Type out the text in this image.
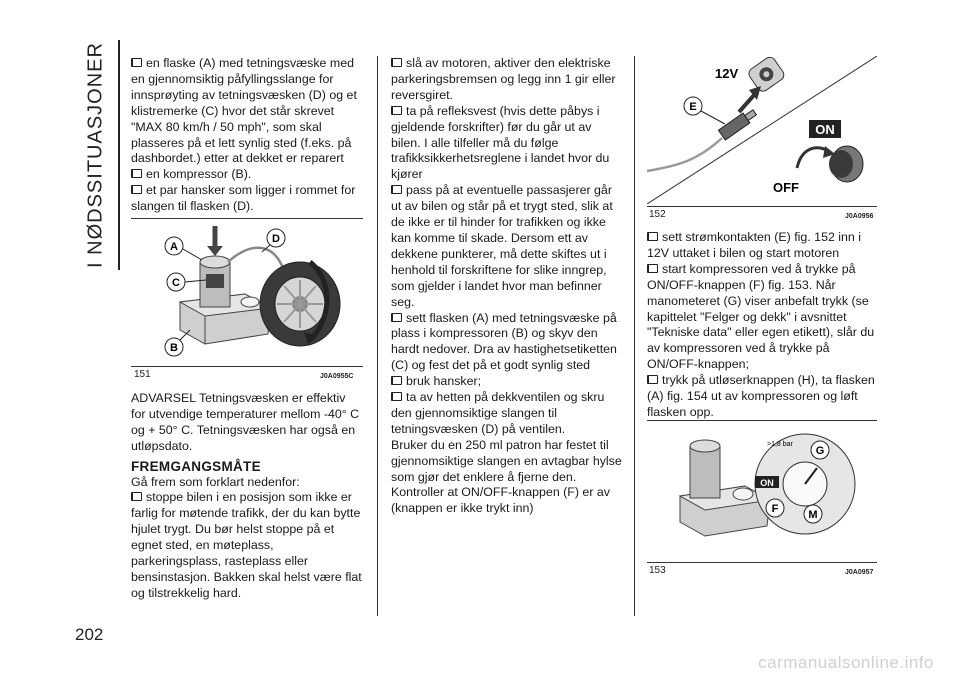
I NØDSSITUASJONER
202

en flaske (A) med tetningsvæske med en gjennomsiktig påfyllingsslange for innsprøyting av tetningsvæsken (D) og et klistremerke (C) hvor det står skrevet "MAX 80 km/h / 50 mph", som skal plasseres på et lett synlig sted (f.eks. på dashbordet.) etter at dekket er reparert

en kompressor (B).

et par hansker som ligger i rommet for slangen til flasken (D).

A
C
B
D
151	J0A0955C

ADVARSEL Tetningsvæsken er effektiv for utvendige temperaturer mellom -40° C og + 50° C. Tetningsvæsken har også en utløpsdato.

FREMGANGSMÅTE

Gå frem som forklart nedenfor:

stoppe bilen i en posisjon som ikke er farlig for møtende trafikk, der du kan bytte hjulet trygt. Du bør helst stoppe på et egnet sted, en møteplass, parkeringsplass, rasteplass eller bensinstasjon. Bakken skal helst være flat og tilstrekkelig hard.

slå av motoren, aktiver den elektriske parkeringsbremsen og legg inn 1 gir eller reversgiret.

ta på refleksvest (hvis dette påbys i gjeldende forskrifter) før du går ut av bilen. I alle tilfeller må du følge trafikksikkerhetsreglene i landet hvor du kjører

pass på at eventuelle passasjerer går ut av bilen og står på et trygt sted, slik at de ikke er til hinder for trafikken og ikke kan komme til skade. Dersom ett av dekkene punkterer, må dette skiftes ut i henhold til forskriftene for slike inngrep, som gjelder i landet hvor man befinner seg.

sett flasken (A) med tetningsvæske på plass i kompressoren (B) og skyv den hardt nedover. Dra av hastighetsetiketten (C) og fest det på et godt synlig sted

bruk hansker;

ta av hetten på dekkventilen og skru den gjennomsiktige slangen til tetningsvæsken (D) på ventilen.

Bruker du en 250 ml patron har festet til gjennomsiktige slangen en avtagbar hylse som gjør det enklere å fjerne den. Kontroller at ON/OFF-knappen (F) er av (knappen er ikke trykt inn)

12V
E
ON
OFF
152	J0A0956

sett strømkontakten (E) fig. 152 inn i 12V uttaket i bilen og start motoren

start kompressoren ved å trykke på ON/OFF-knappen (F) fig. 153. Når manometeret (G) viser anbefalt trykk (se kapittelet "Felger og dekk" i avsnittet "Tekniske data" eller egen etikett), slår du av kompressoren ved å trykke på ON/OFF-knappen;

trykk på utløserknappen (H), ta flasken (A) fig. 154 ut av kompressoren og løft flasken opp.

ON
>1,8 bar
G
F	M
153	J0A0957
carmanualsonline.info
